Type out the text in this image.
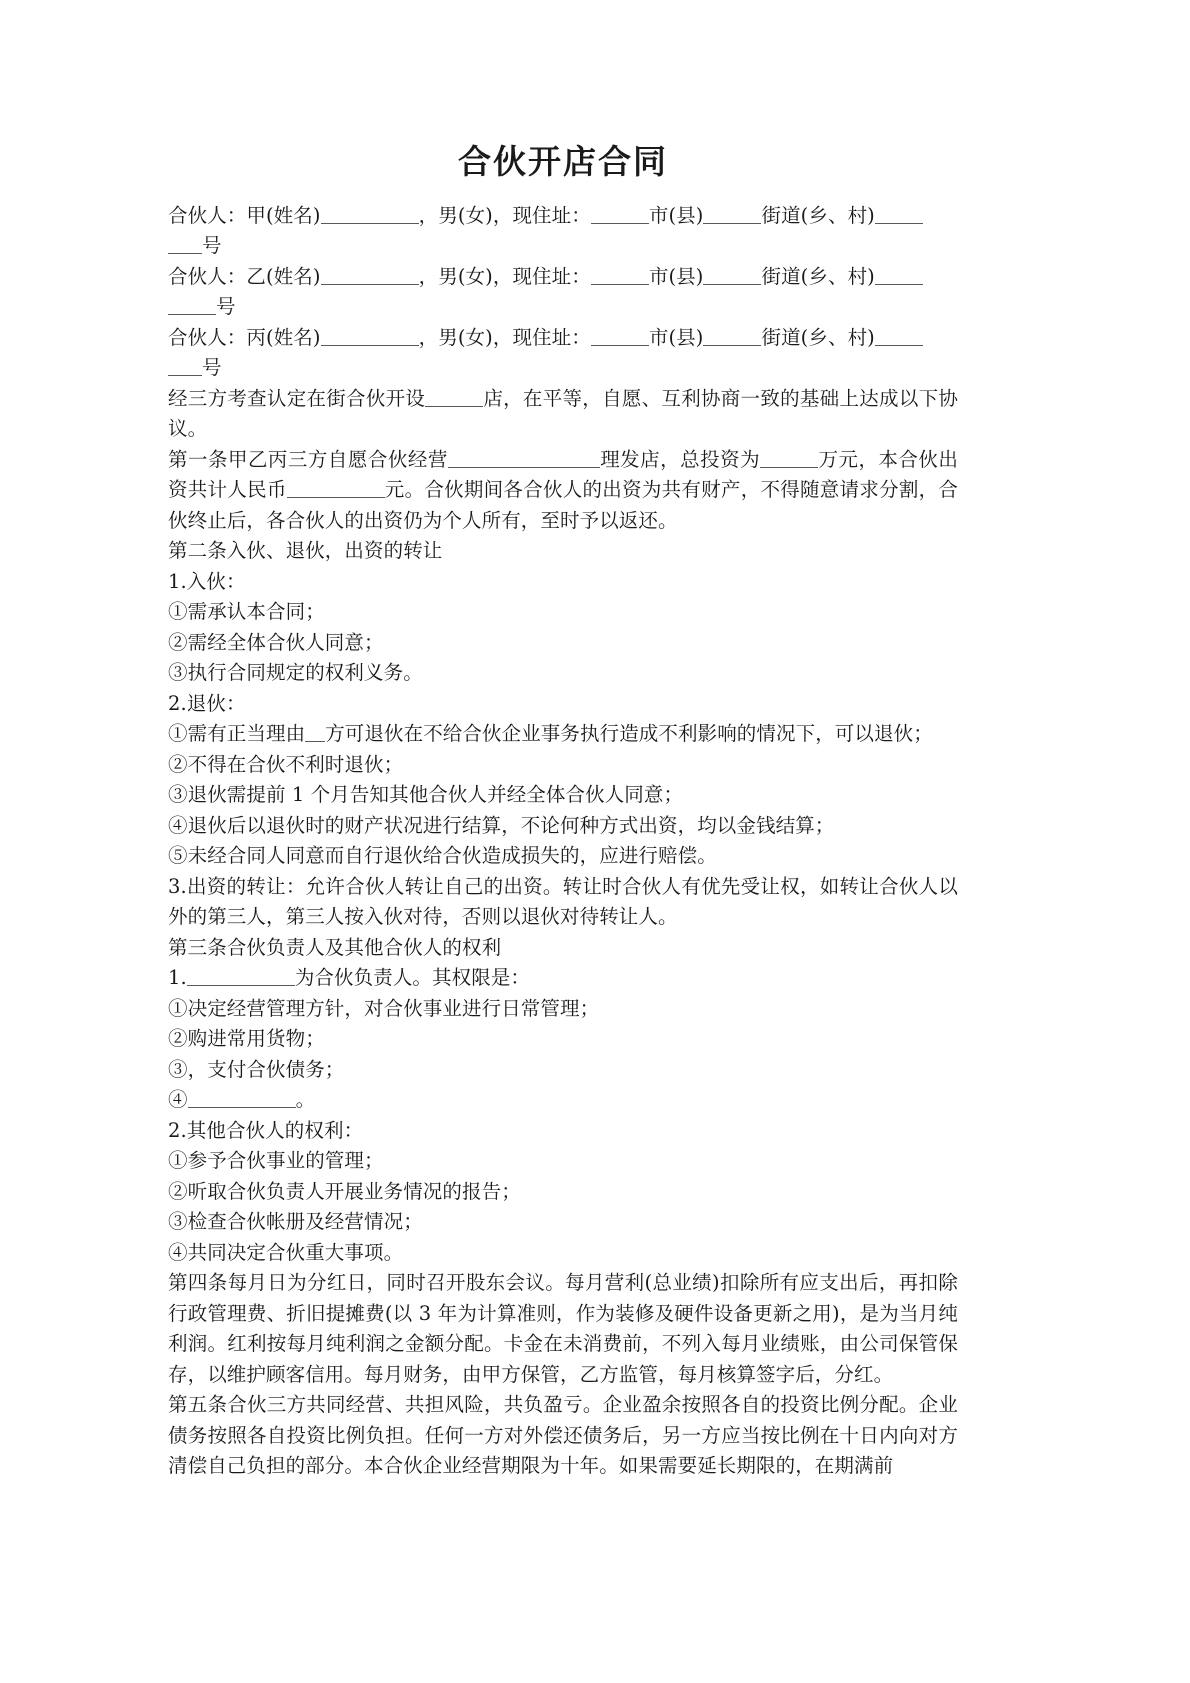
合伙开店合同

合伙人：甲(姓名)	，男(女)，现住址：	市(县)	街道(乡、村)
号

合伙人：乙(姓名)	，男(女)，现住址：	市(县)	街道(乡、村)
号

合伙人：丙(姓名)	，男(女)，现住址：	市(县)	街道(乡、村)
号

经三方考查认定在街合伙开设	店，在平等，自愿、互利协商一致的基础上达成以下协议。

第一条甲乙丙三方自愿合伙经营	理发店，总投资为	万元，本合伙出资共计人民币	元。合伙期间各合伙人的出资为共有财产，不得随意请求分割，合伙终止后，各合伙人的出资仍为个人所有，至时予以返还。

第二条入伙、退伙，出资的转让

1.入伙：

①需承认本合同；

②需经全体合伙人同意；

③执行合同规定的权利义务。

2.退伙：

①需有正当理由 方可退伙在不给合伙企业事务执行造成不利影响的情况下，可以退伙；

②不得在合伙不利时退伙；

③退伙需提前 1 个月告知其他合伙人并经全体合伙人同意；

④退伙后以退伙时的财产状况进行结算，不论何种方式出资，均以金钱结算；

⑤未经合同人同意而自行退伙给合伙造成损失的，应进行赔偿。

3.出资的转让：允许合伙人转让自己的出资。转让时合伙人有优先受让权，如转让合伙人以外的第三人，第三人按入伙对待，否则以退伙对待转让人。

第三条合伙负责人及其他合伙人的权利

1.	为合伙负责人。其权限是：

①决定经营管理方针，对合伙事业进行日常管理；

②购进常用货物；

③，支付合伙债务；

④	。

2.其他合伙人的权利：

①参予合伙事业的管理；

②听取合伙负责人开展业务情况的报告；

③检查合伙帐册及经营情况；

④共同决定合伙重大事项。

第四条每月日为分红日，同时召开股东会议。每月营利(总业绩)扣除所有应支出后，再扣除行政管理费、折旧提摊费(以 3 年为计算准则，作为装修及硬件设备更新之用)，是为当月纯利润。红利按每月纯利润之金额分配。卡金在未消费前，不列入每月业绩账，由公司保管保存，以维护顾客信用。每月财务，由甲方保管，乙方监管，每月核算签字后，分红。

第五条合伙三方共同经营、共担风险，共负盈亏。企业盈余按照各自的投资比例分配。企业债务按照各自投资比例负担。任何一方对外偿还债务后，另一方应当按比例在十日内向对方清偿自己负担的部分。本合伙企业经营期限为十年。如果需要延长期限的，在期满前
